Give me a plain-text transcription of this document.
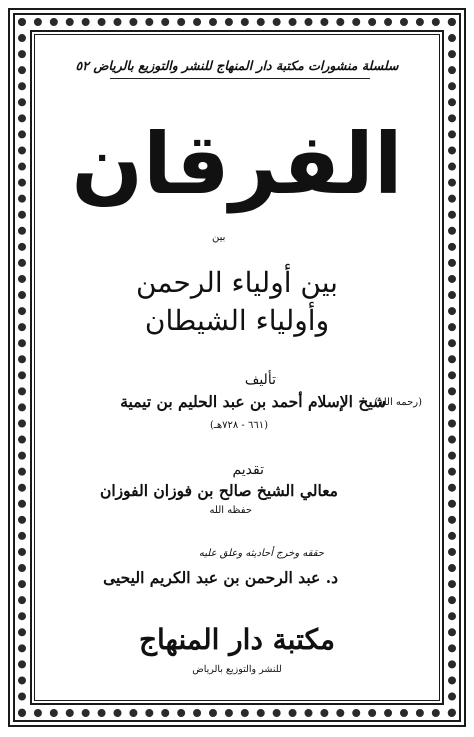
سلسلة منشورات مكتبة دار المنهاج للنشر والتوزيع بالرياض ٥٢

الفرقان

بين

بين أولياء الرحمن

وأولياء الشيطان

تأليف

شيخ الإسلام أحمد بن عبد الحليم بن تيمية

(رحمه الله)

(٦٦١ - ٧٢٨هـ)

تقديم

معالي الشيخ صالح بن فوزان الفوزان

حفظه الله

حققه وخرج أحاديثه وعلق عليه

د. عبد الرحمن بن عبد الكريم اليحيى

مكتبة دار المنهاج

للنشر والتوزيع بالرياض
